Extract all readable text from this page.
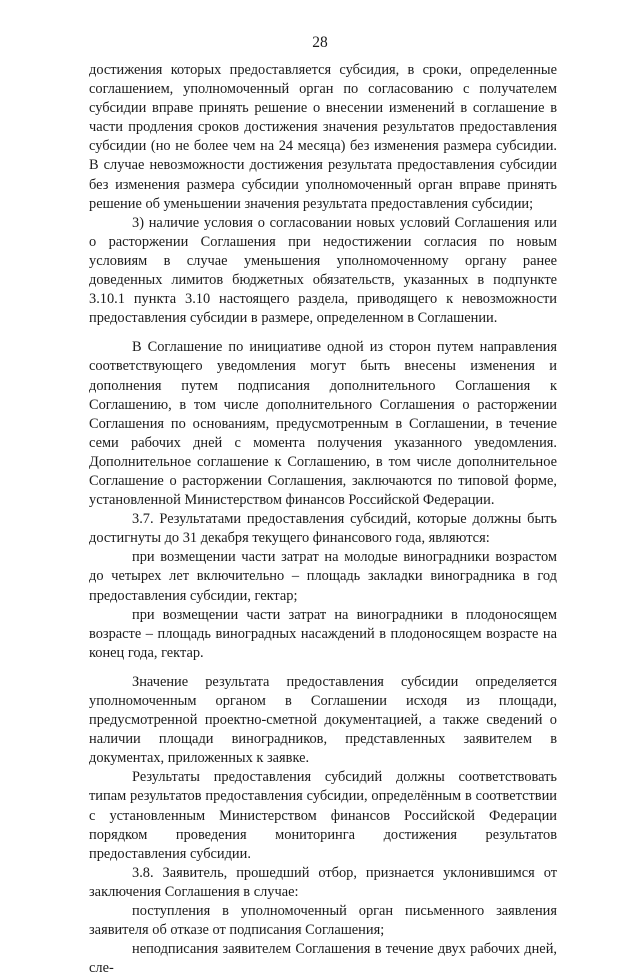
28

достижения которых предоставляется субсидия, в сроки, определенные соглашением, уполномоченный орган по согласованию с получателем субсидии вправе принять решение о внесении изменений в соглашение в части продления сроков достижения значения результатов предоставления субсидии (но не более чем на 24 месяца) без изменения размера субсидии. В случае невозможности достижения результата предоставления субсидии без изменения размера субсидии уполномоченный орган вправе принять решение об уменьшении значения результата предоставления субсидии;

3) наличие условия о согласовании новых условий Соглашения или о расторжении Соглашения при недостижении согласия по новым условиям в случае уменьшения уполномоченному органу ранее доведенных лимитов бюджетных обязательств, указанных в подпункте 3.10.1 пункта 3.10 настоящего раздела, приводящего к невозможности предоставления субсидии в размере, определенном в Соглашении.

В Соглашение по инициативе одной из сторон путем направления соответствующего уведомления могут быть внесены изменения и дополнения путем подписания дополнительного Соглашения к Соглашению, в том числе дополнительного Соглашения о расторжении Соглашения по основаниям, предусмотренным в Соглашении, в течение семи рабочих дней с момента получения указанного уведомления. Дополнительное соглашение к Соглашению, в том числе дополнительное Соглашение о расторжении Соглашения, заключаются по типовой форме, установленной Министерством финансов Российской Федерации.

3.7. Результатами предоставления субсидий, которые должны быть достигнуты до 31 декабря текущего финансового года, являются:

при возмещении части затрат на молодые виноградники возрастом до четырех лет включительно – площадь закладки виноградника в год предоставления субсидии, гектар;

при возмещении части затрат на виноградники в плодоносящем возрасте – площадь виноградных насаждений в плодоносящем возрасте на конец года, гектар.

Значение результата предоставления субсидии определяется уполномоченным органом в Соглашении исходя из площади, предусмотренной проектно-сметной документацией, а также сведений о наличии площади виноградников, представленных заявителем в документах, приложенных к заявке.

Результаты предоставления субсидий должны соответствовать типам результатов предоставления субсидии, определённым в соответствии с установленным Министерством финансов Российской Федерации порядком проведения мониторинга достижения результатов предоставления субсидии.

3.8. Заявитель, прошедший отбор, признается уклонившимся от заключения Соглашения в случае:

поступления в уполномоченный орган письменного заявления заявителя об отказе от подписания Соглашения;

неподписания заявителем Соглашения в течение двух рабочих дней, сле-
